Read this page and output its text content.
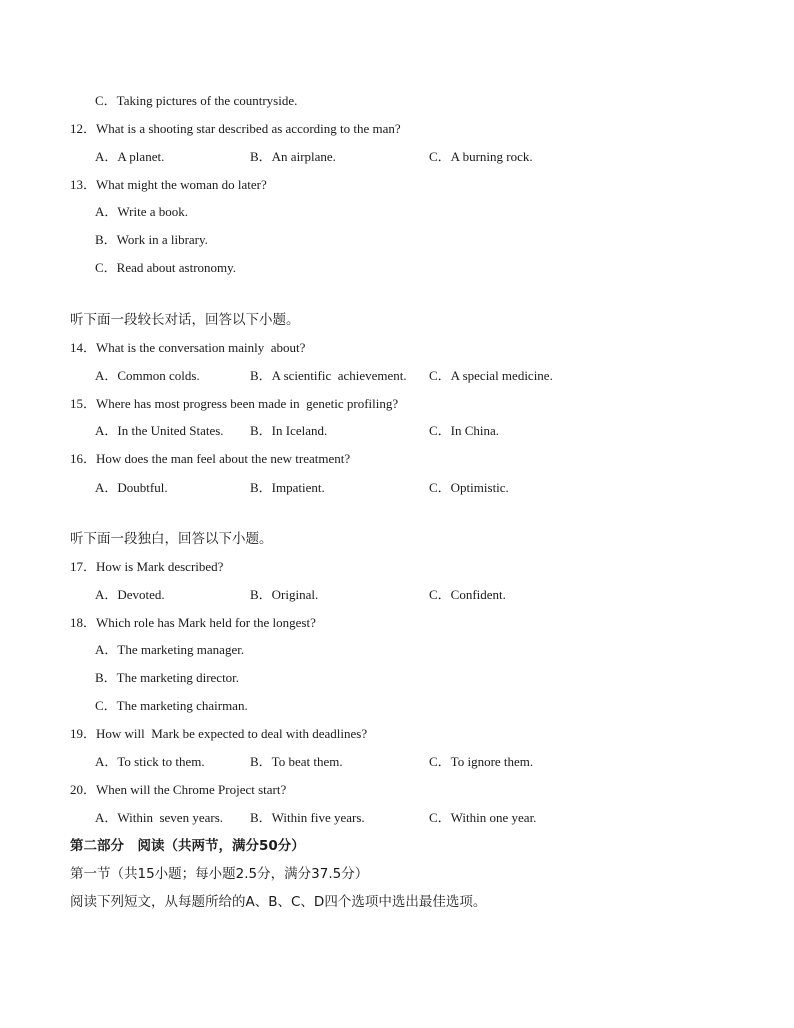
C．Taking pictures of the countryside.
12．What is a shooting star described as according to the man?

A．A planet.

	B．An airplane.

	C．A burning rock.

13．What might the woman do later?
A．Write a book.
B．Work in a library.
C．Read about astronomy.
听下面一段较长对话，回答以下小题。
14．What is the conversation mainly  about?

A．Common colds.

	B．A scientific  achievement.

C．A special medicine.

15．Where has most progress been made in  genetic profiling?

A．In the United States.

B．In Iceland.

	C．In China.

16．How does the man feel about the new treatment?

A．Doubtful.

	B．Impatient.

	C．Optimistic.

听下面一段独白，回答以下小题。
17．How is Mark described?

A．Devoted.

	B．Original.

	C．Confident.

18．Which role has Mark held for the longest?
A．The marketing manager.
B．The marketing director.
C．The marketing chairman.
19．How will  Mark be expected to deal with deadlines?

A．To stick to them.

	B．To beat them.

	C．To ignore them.

20．When will the Chrome Project start?

A．Within  seven years.

B．Within five years.

	C．Within one year.

第二部分　阅读（共两节，满分50分）
第一节（共15小题；每小题2.5分，满分37.5分）
阅读下列短文，从每题所给的A、B、C、D四个选项中选出最佳选项。
